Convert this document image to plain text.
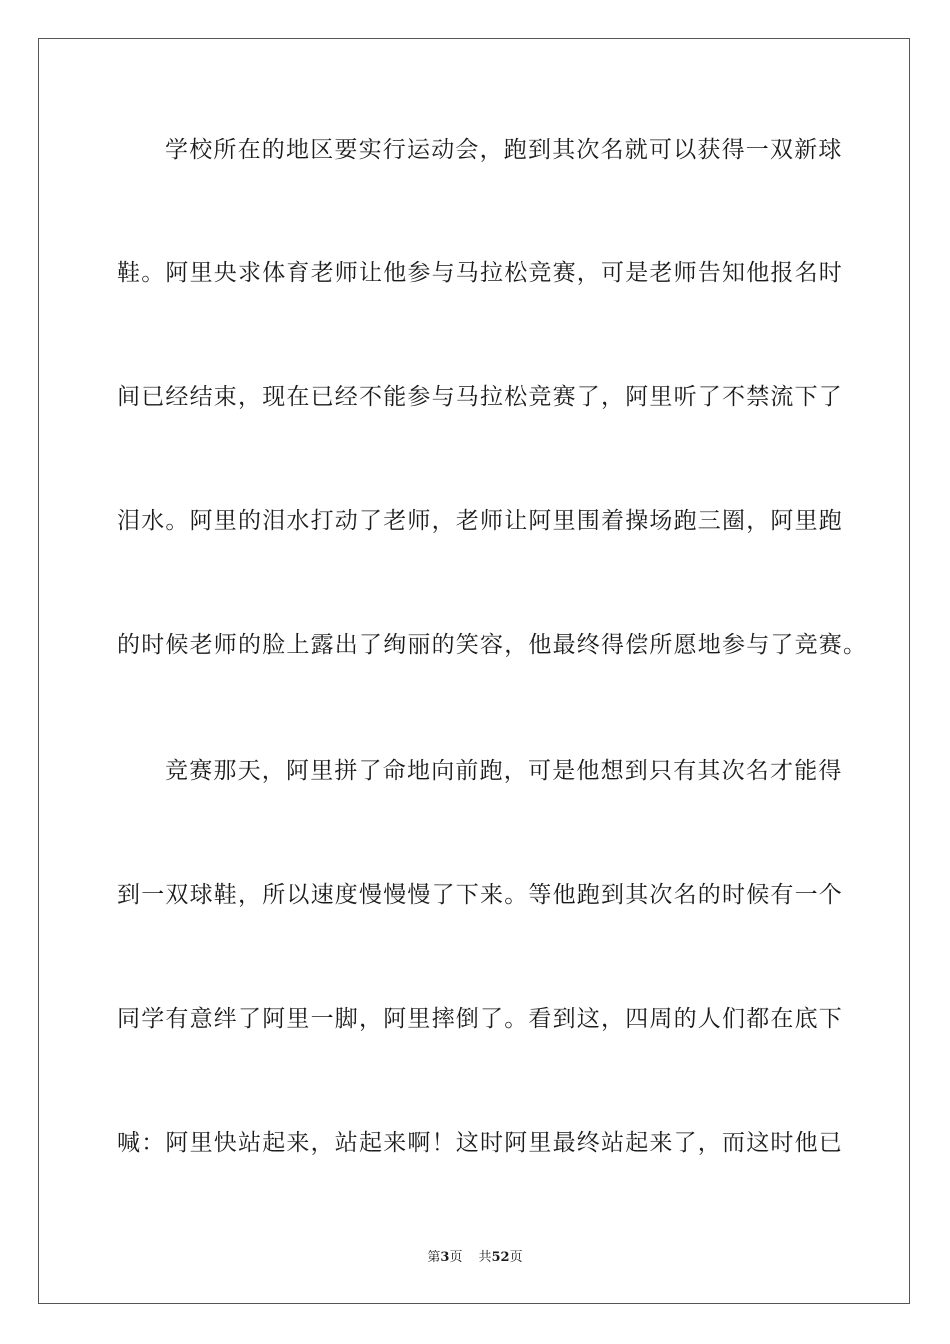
学校所在的地区要实行运动会，跑到其次名就可以获得一双新球
鞋。阿里央求体育老师让他参与马拉松竞赛，可是老师告知他报名时
间已经结束，现在已经不能参与马拉松竞赛了，阿里听了不禁流下了
泪水。阿里的泪水打动了老师，老师让阿里围着操场跑三圈，阿里跑
的时候老师的脸上露出了绚丽的笑容，他最终得偿所愿地参与了竞赛。
竞赛那天，阿里拼了命地向前跑，可是他想到只有其次名才能得
到一双球鞋，所以速度慢慢慢了下来。等他跑到其次名的时候有一个
同学有意绊了阿里一脚，阿里摔倒了。看到这，四周的人们都在底下
喊：阿里快站起来，站起来啊！这时阿里最终站起来了，而这时他已
第3页 共52页
